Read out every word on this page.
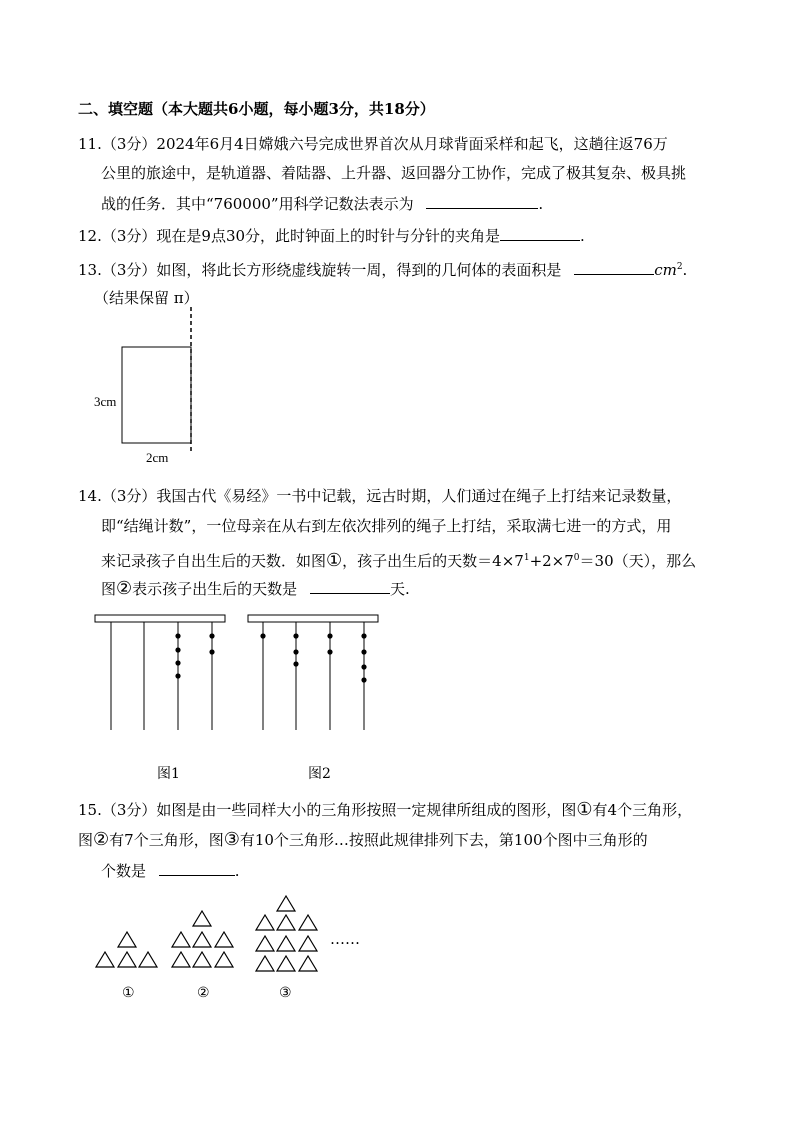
二、填空题（本大题共6小题，每小题3分，共18分）
11.（3分）2024年6月4日嫦娥六号完成世界首次从月球背面采样和起飞，这趟往返76万
公里的旅途中，是轨道器、着陆器、上升器、返回器分工协作，完成了极其复杂、极具挑
战的任务．其中“760000”用科学记数法表示为	.
12.（3分）现在是9点30分，此时钟面上的时针与分针的夹角是	.
13.（3分）如图，将此长方形绕虚线旋转一周，得到的几何体的表面积是	$cm^2$.
（结果保留 π）
3cm
2cm
14.（3分）我国古代《易经》一书中记载，远古时期，人们通过在绳子上打结来记录数量，
即“结绳计数”，一位母亲在从右到左依次排列的绳子上打结，采取满七进一的方式，用
来记录孩子自出生后的天数．如图①，孩子出生后的天数$=4\times 7^1+2\times 7^0=30$（天），那么
图②表示孩子出生后的天数是	天.
图1	图2
15.（3分）如图是由一些同样大小的三角形按照一定规律所组成的图形，图①有4个三角形，
图②有7个三角形，图③有10个三角形…按照此规律排列下去，第100个图中三角形的
个数是	.
……
①	②	③
